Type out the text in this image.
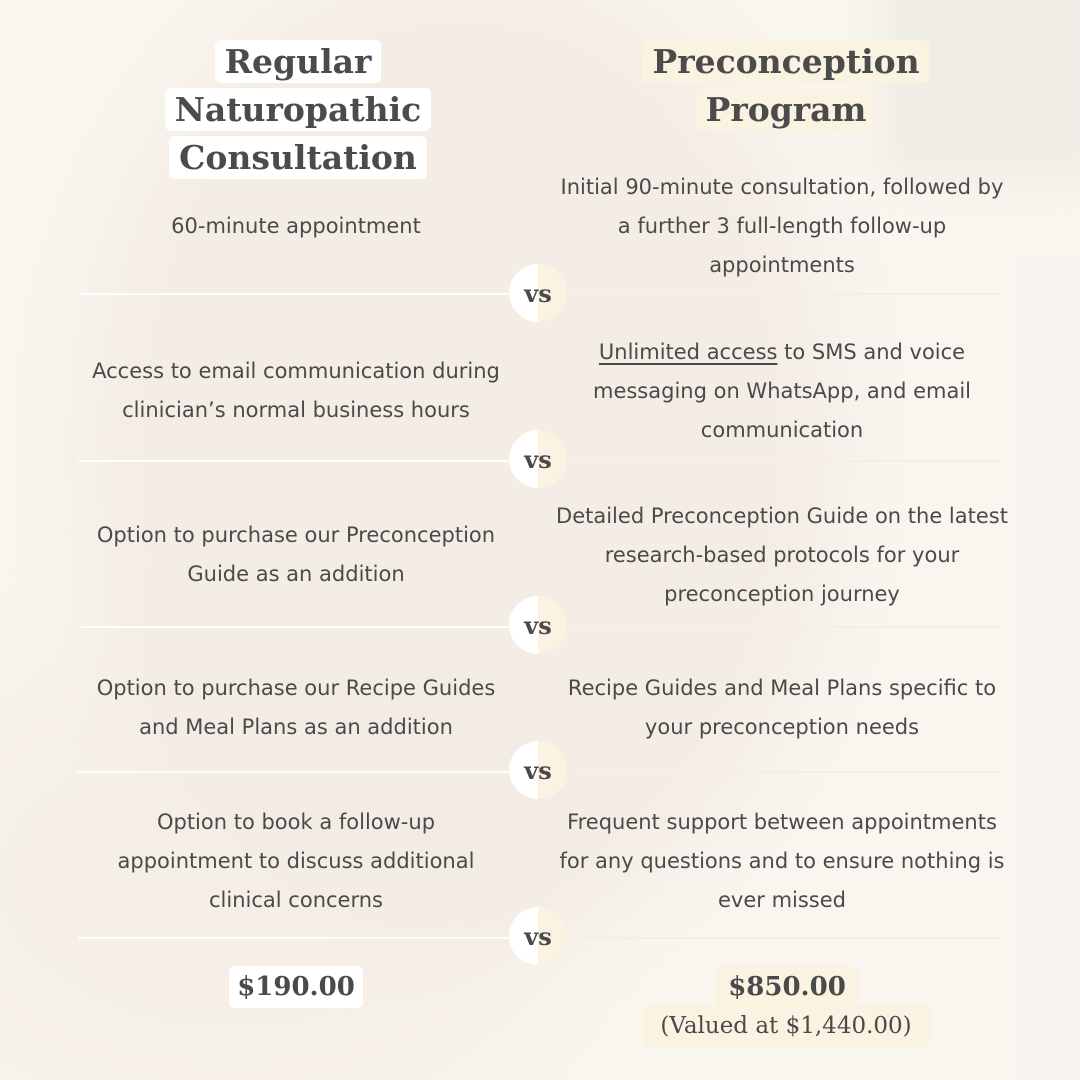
Regular Naturopathic
Consultation
Preconception
Program
60-minute appointment
Initial 90-minute consultation, followed by a further 3 full-length follow-up appointments
vs
Access to email communication during clinician’s normal business hours
Unlimited access to SMS and voice messaging on WhatsApp, and email communication
vs
Option to purchase our Preconception Guide as an addition
Detailed Preconception Guide on the latest research-based protocols for your preconception journey
vs
Option to purchase our Recipe Guides and Meal Plans as an addition
Recipe Guides and Meal Plans specific to your preconception needs
vs
Option to book a follow-up appointment to discuss additional clinical concerns
Frequent support between appointments for any questions and to ensure nothing is ever missed
vs
$190.00	$850.00
(Valued at $1,440.00)
